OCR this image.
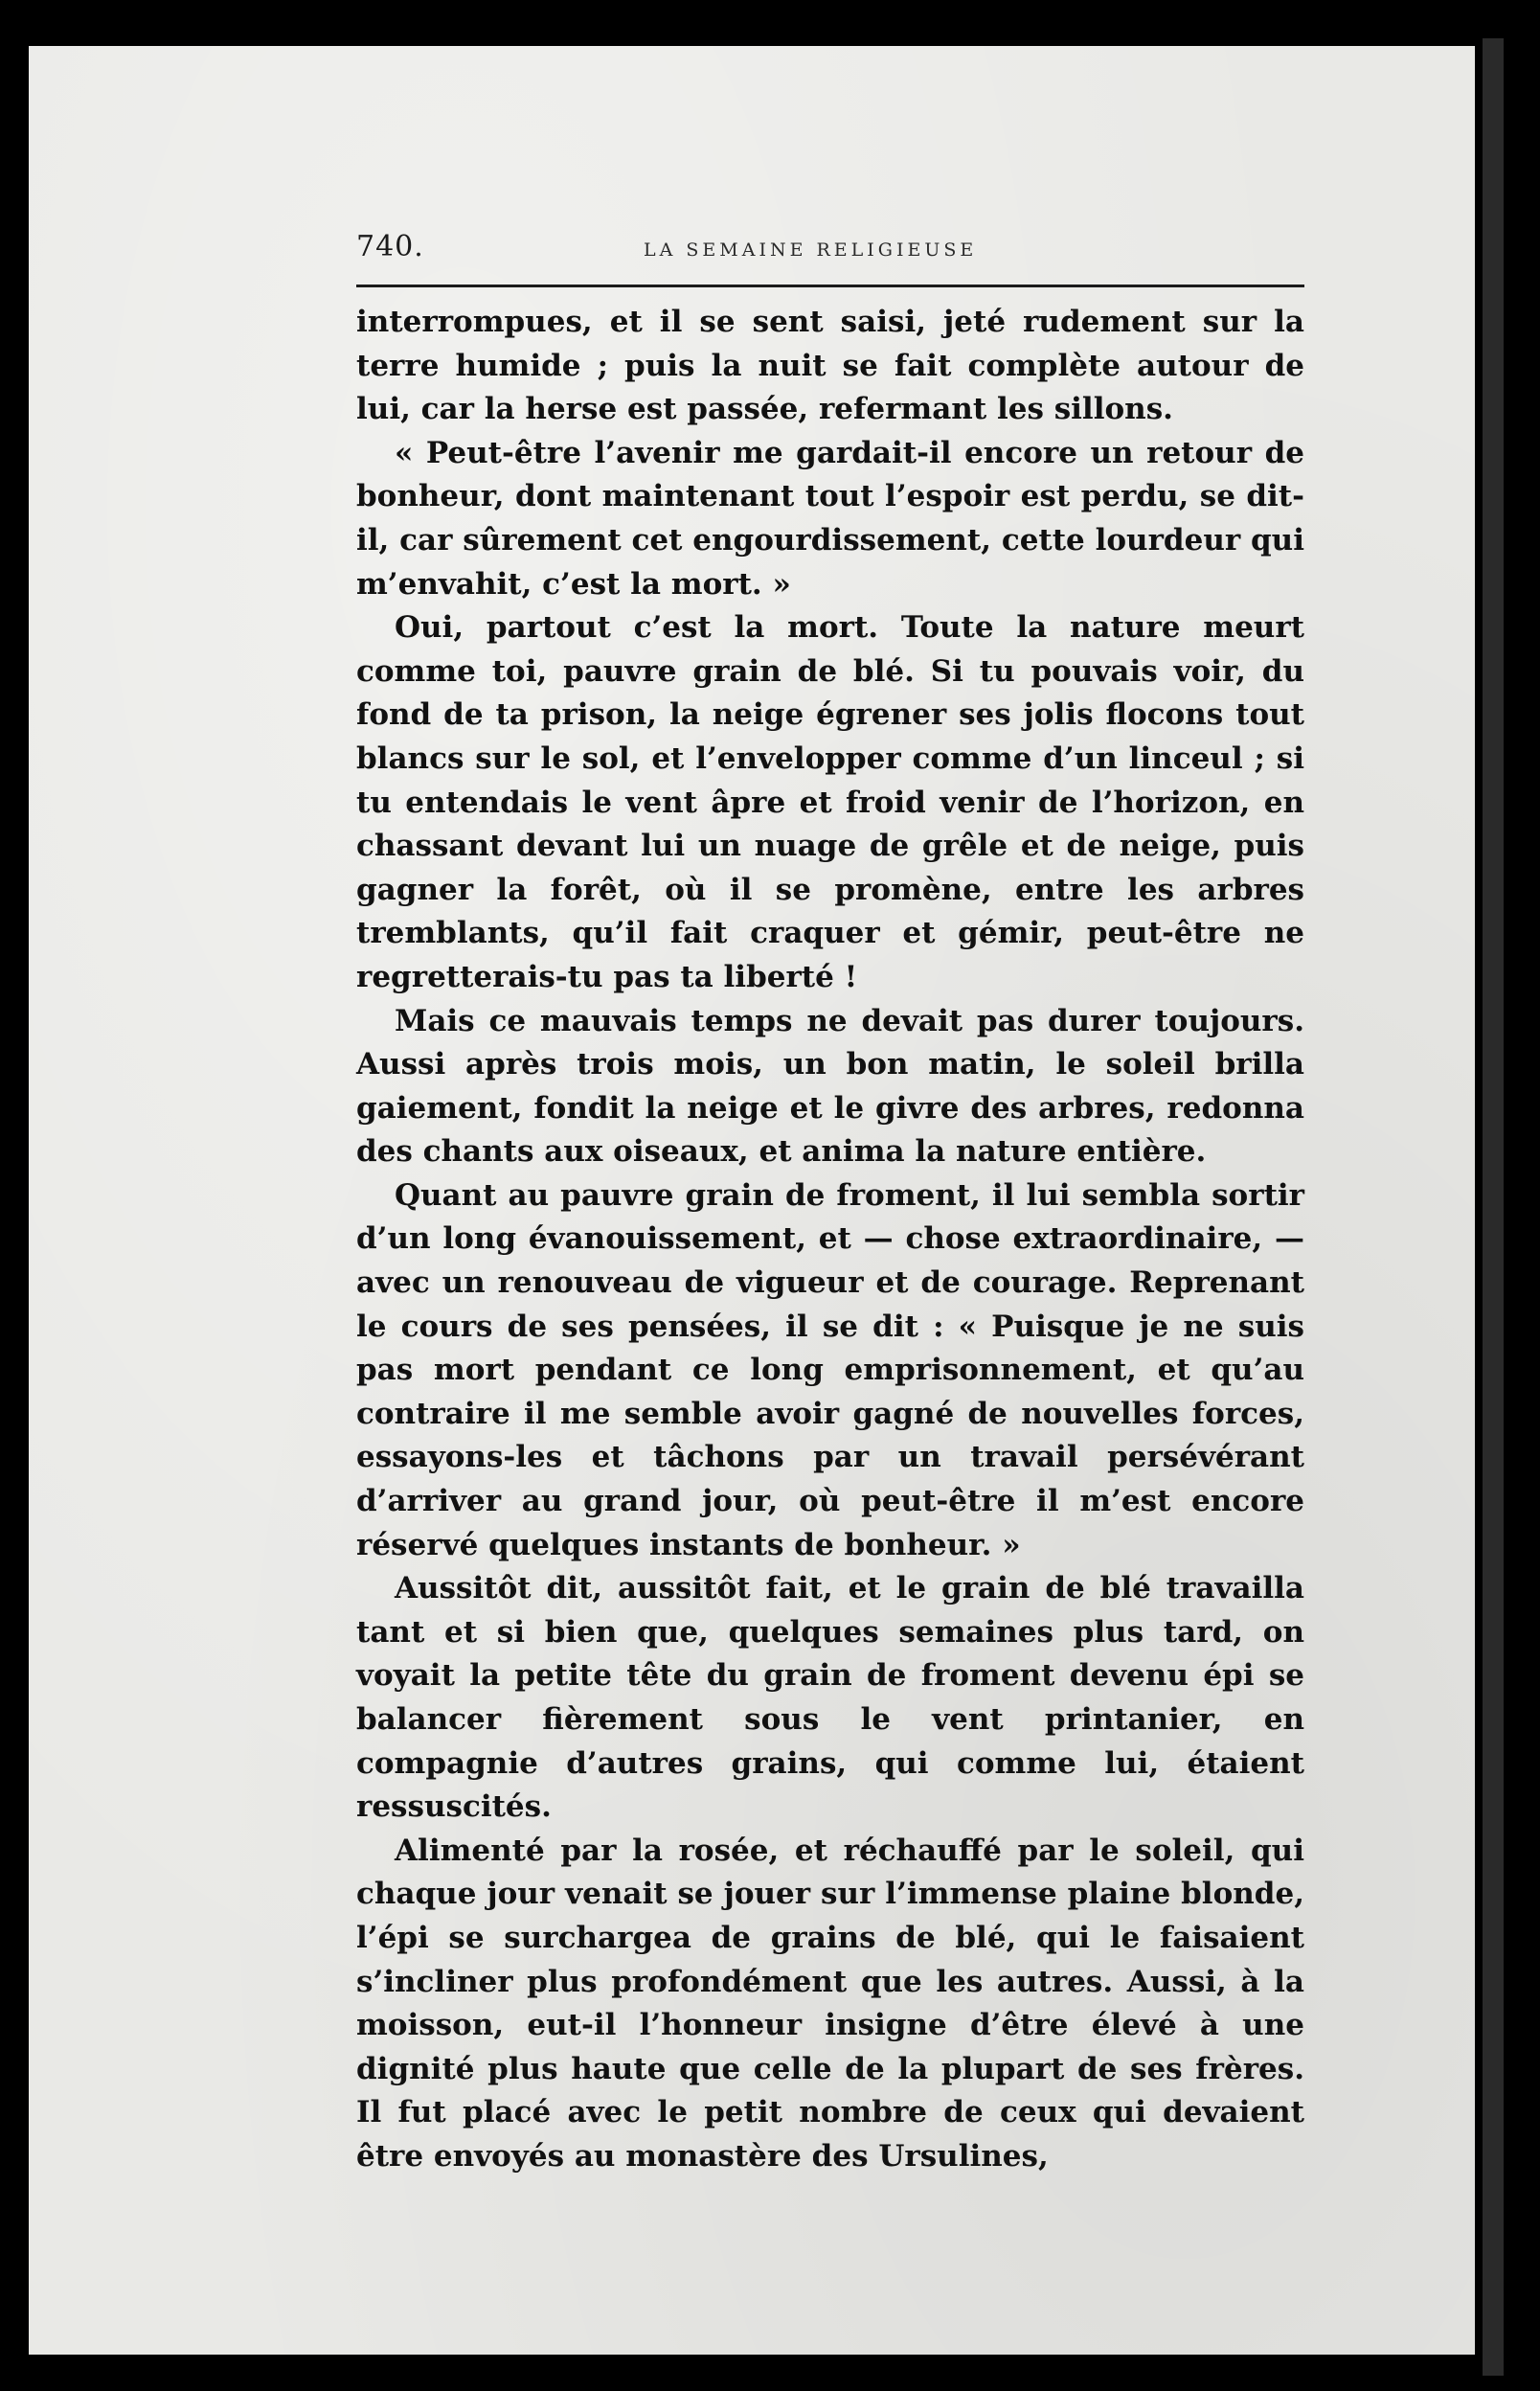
740.	LA SEMAINE RELIGIEUSE

interrompues, et il se sent saisi, jeté rudement sur la terre humide ; puis la nuit se fait complète autour de lui, car la herse est passée, refermant les sillons.

« Peut-être l’avenir me gardait-il encore un retour de bonheur, dont maintenant tout l’espoir est perdu, se dit-il, car sûrement cet engourdissement, cette lourdeur qui m’envahit, c’est la mort. »

Oui, partout c’est la mort. Toute la nature meurt comme toi, pauvre grain de blé. Si tu pouvais voir, du fond de ta prison, la neige égrener ses jolis flocons tout blancs sur le sol, et l’envelopper comme d’un linceul ; si tu entendais le vent âpre et froid venir de l’horizon, en chassant devant lui un nuage de grêle et de neige, puis gagner la forêt, où il se promène, entre les arbres tremblants, qu’il fait craquer et gémir, peut-être ne regretterais-tu pas ta liberté !

Mais ce mauvais temps ne devait pas durer toujours. Aussi après trois mois, un bon matin, le soleil brilla gaiement, fondit la neige et le givre des arbres, redonna des chants aux oiseaux, et anima la nature entière.

Quant au pauvre grain de froment, il lui sembla sortir d’un long évanouissement, et — chose extraordinaire, — avec un renouveau de vigueur et de courage. Reprenant le cours de ses pensées, il se dit : « Puisque je ne suis pas mort pendant ce long emprisonnement, et qu’au contraire il me semble avoir gagné de nouvelles forces, essayons-les et tâchons par un travail persévérant d’arriver au grand jour, où peut-être il m’est encore réservé quelques instants de bonheur. »

Aussitôt dit, aussitôt fait, et le grain de blé travailla tant et si bien que, quelques semaines plus tard, on voyait la petite tête du grain de froment devenu épi se balancer fièrement sous le vent printanier, en compagnie d’autres grains, qui comme lui, étaient ressuscités.

Alimenté par la rosée, et réchauffé par le soleil, qui chaque jour venait se jouer sur l’immense plaine blonde, l’épi se surchargea de grains de blé, qui le faisaient s’incliner plus profondément que les autres. Aussi, à la moisson, eut-il l’honneur insigne d’être élevé à une dignité plus haute que celle de la plupart de ses frères. Il fut placé avec le petit nombre de ceux qui devaient être envoyés au monastère des Ursulines,
